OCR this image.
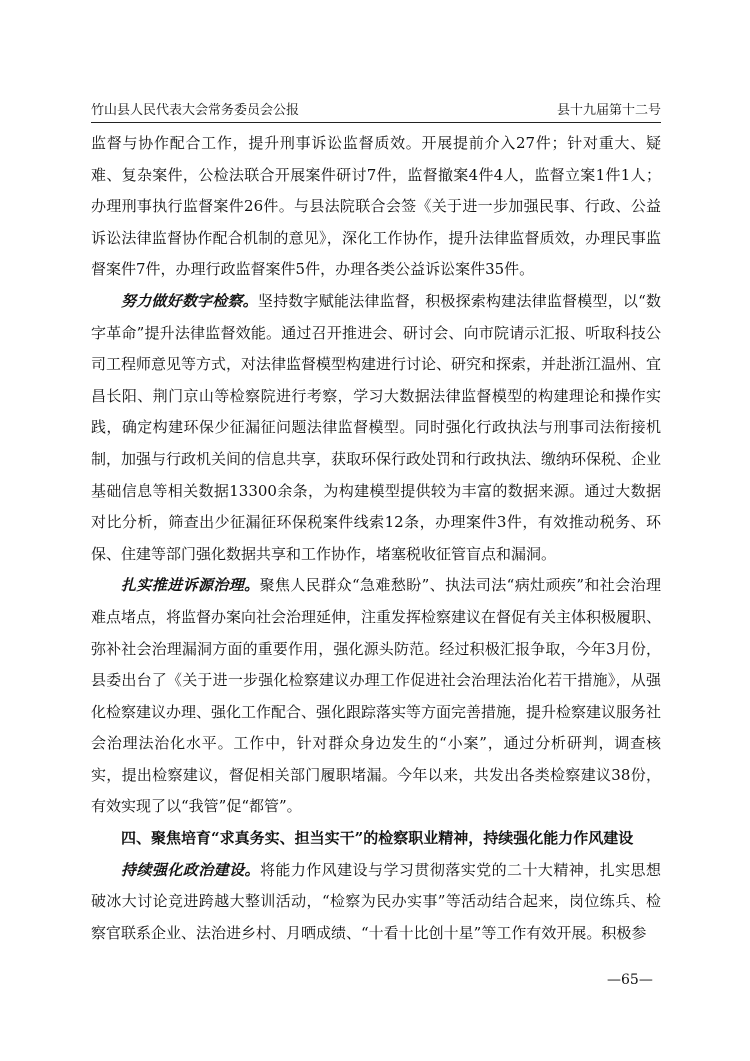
竹山县人民代表大会常务委员会公报	县十九届第十二号

监督与协作配合工作，提升刑事诉讼监督质效。开展提前介入27件；针对重大、疑难、复杂案件，公检法联合开展案件研讨7件，监督撤案4件4人，监督立案1件1人；办理刑事执行监督案件26件。与县法院联合会签《关于进一步加强民事、行政、公益诉讼法律监督协作配合机制的意见》，深化工作协作，提升法律监督质效，办理民事监督案件7件，办理行政监督案件5件，办理各类公益诉讼案件35件。

努力做好数字检察。坚持数字赋能法律监督，积极探索构建法律监督模型，以“数字革命”提升法律监督效能。通过召开推进会、研讨会、向市院请示汇报、听取科技公司工程师意见等方式，对法律监督模型构建进行讨论、研究和探索，并赴浙江温州、宜昌长阳、荆门京山等检察院进行考察，学习大数据法律监督模型的构建理论和操作实践，确定构建环保少征漏征问题法律监督模型。同时强化行政执法与刑事司法衔接机制，加强与行政机关间的信息共享，获取环保行政处罚和行政执法、缴纳环保税、企业基础信息等相关数据13300余条，为构建模型提供较为丰富的数据来源。通过大数据对比分析，筛查出少征漏征环保税案件线索12条，办理案件3件，有效推动税务、环保、住建等部门强化数据共享和工作协作，堵塞税收征管盲点和漏洞。

扎实推进诉源治理。聚焦人民群众“急难愁盼”、执法司法“病灶顽疾”和社会治理难点堵点，将监督办案向社会治理延伸，注重发挥检察建议在督促有关主体积极履职、弥补社会治理漏洞方面的重要作用，强化源头防范。经过积极汇报争取，今年3月份，县委出台了《关于进一步强化检察建议办理工作促进社会治理法治化若干措施》，从强化检察建议办理、强化工作配合、强化跟踪落实等方面完善措施，提升检察建议服务社会治理法治化水平。工作中，针对群众身边发生的“小案”，通过分析研判，调查核实，提出检察建议，督促相关部门履职堵漏。今年以来，共发出各类检察建议38份，有效实现了以“我管”促“都管”。

四、聚焦培育“求真务实、担当实干”的检察职业精神，持续强化能力作风建设

持续强化政治建设。将能力作风建设与学习贯彻落实党的二十大精神，扎实思想破冰大讨论竞进跨越大整训活动，“检察为民办实事”等活动结合起来，岗位练兵、检察官联系企业、法治进乡村、月晒成绩、“十看十比创十星”等工作有效开展。积极参

—65—
